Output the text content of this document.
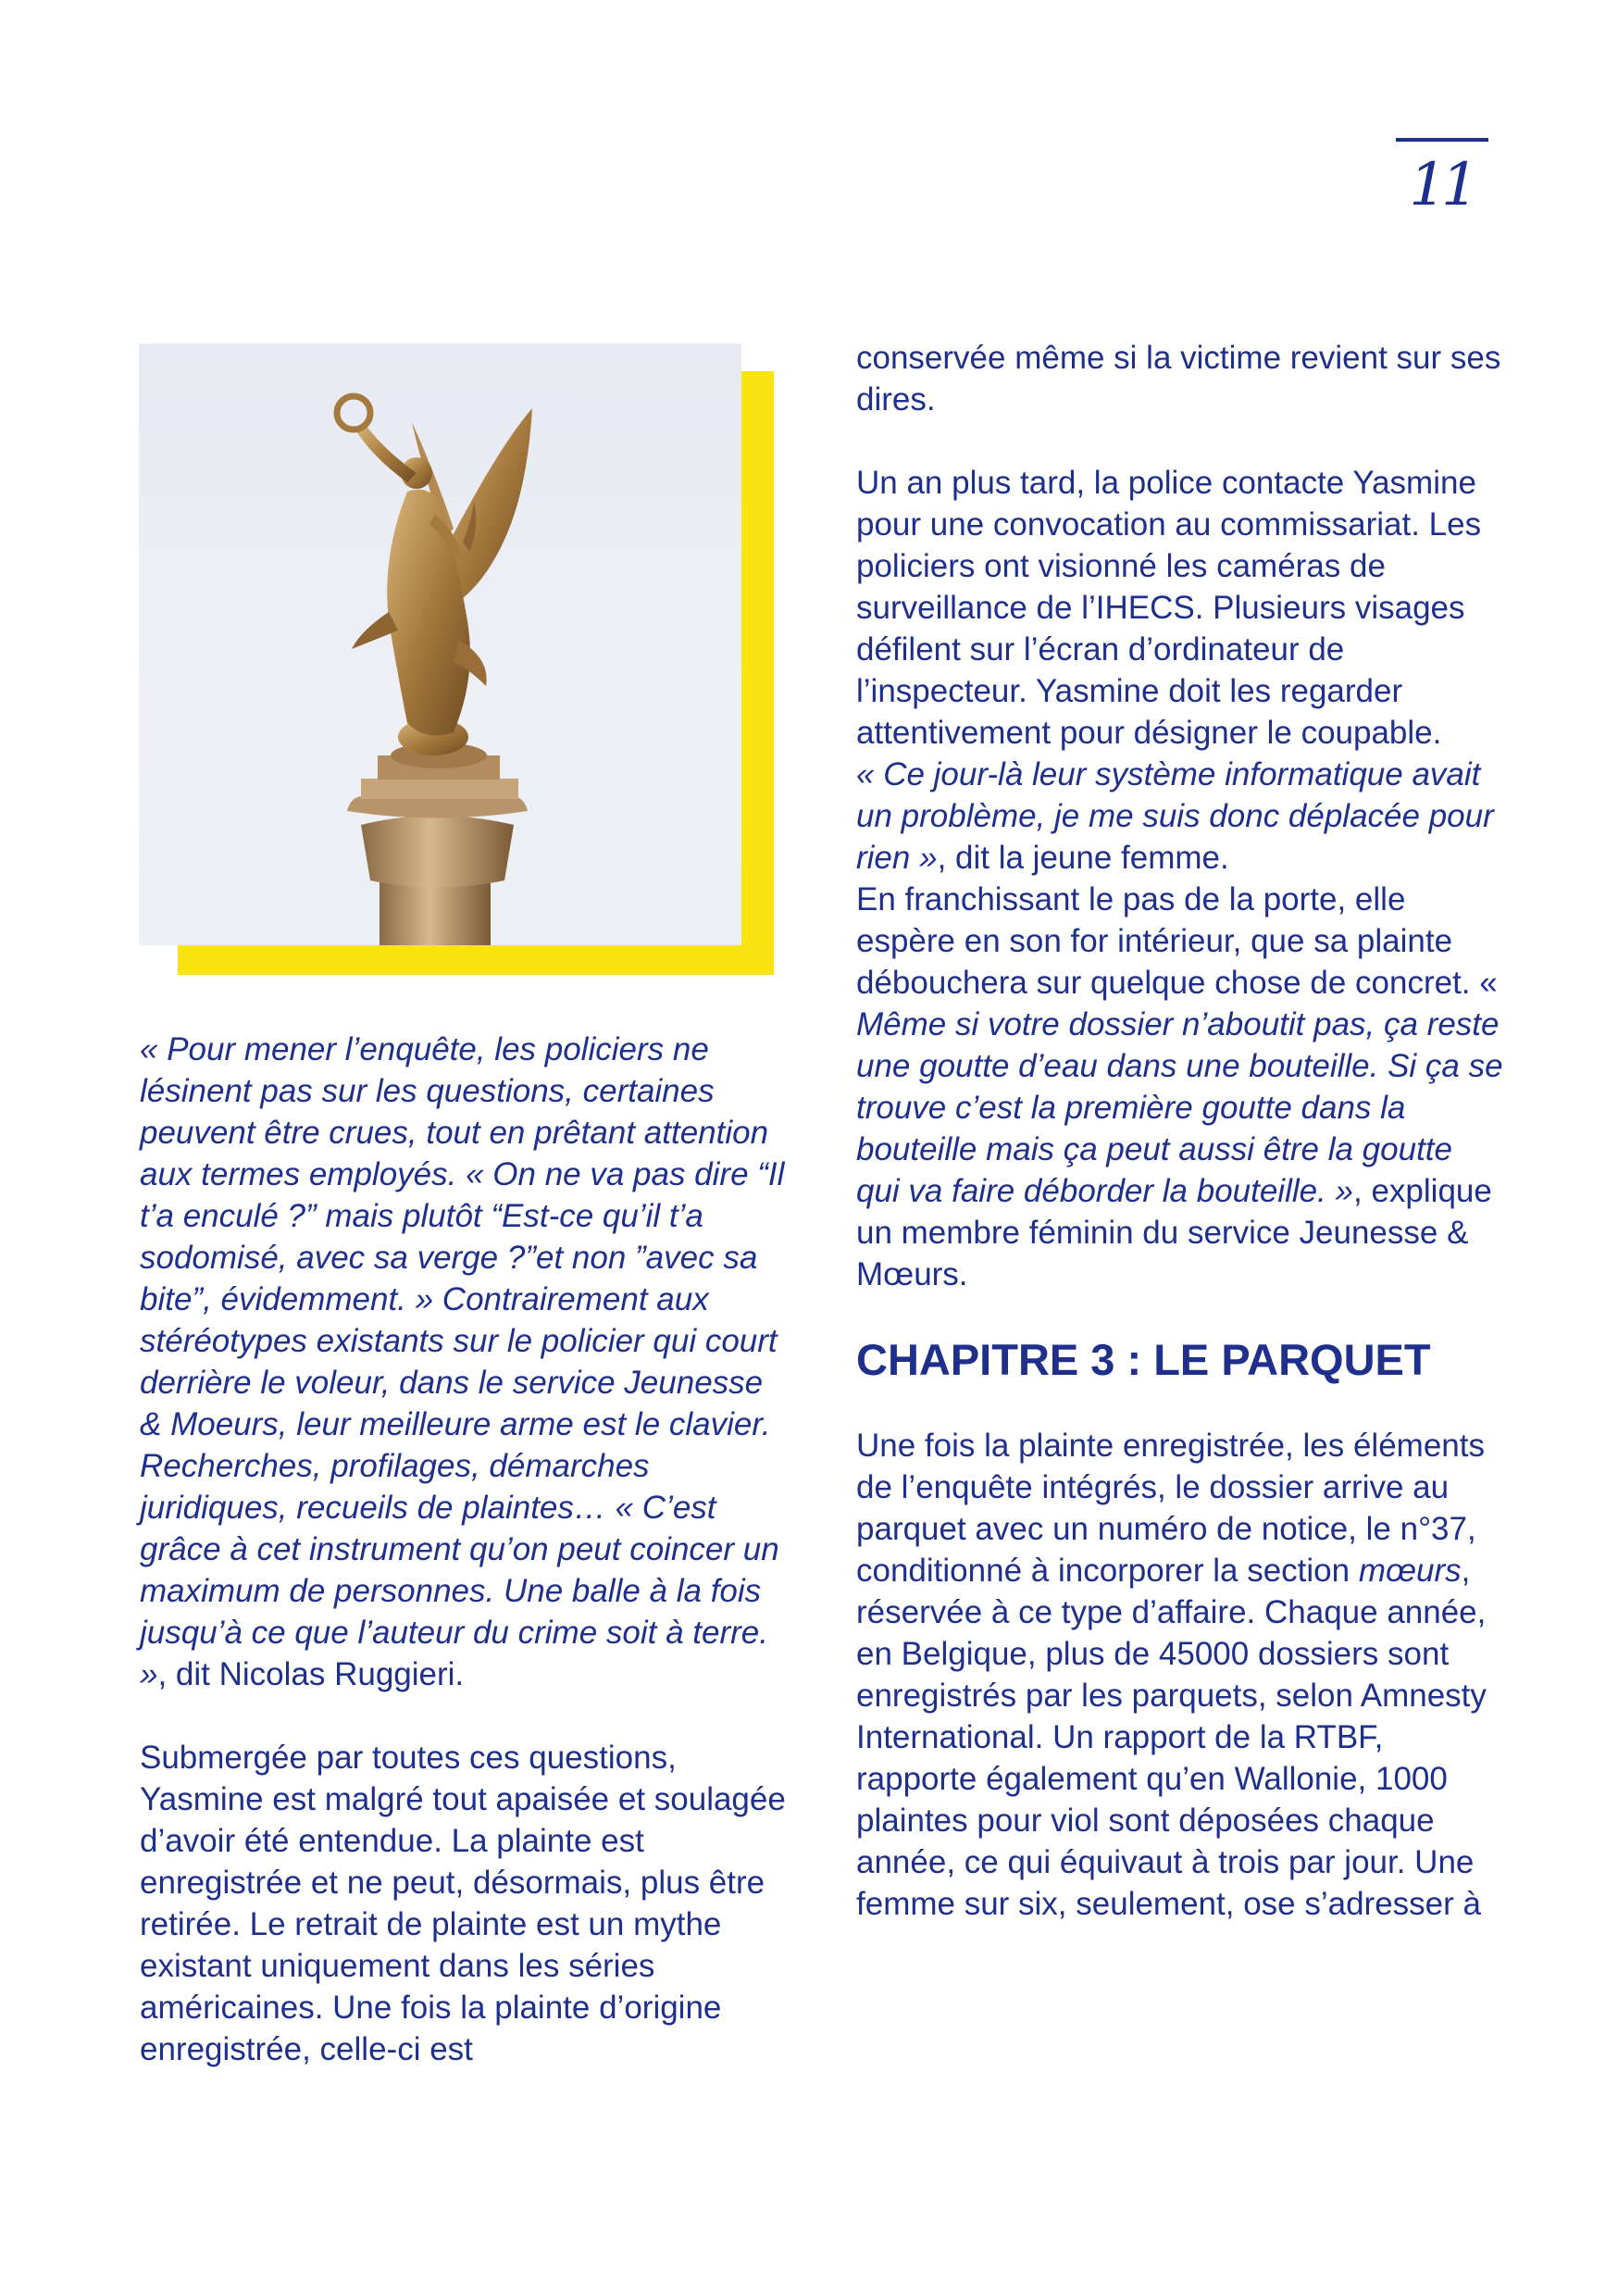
11

« Pour mener l’enquête, les policiers ne lésinent pas sur les questions, certaines peuvent être crues, tout en prêtant attention aux termes employés. « On ne va pas dire “Il t’a enculé ?” mais plutôt “Est-ce qu’il t’a sodomisé, avec sa verge ?”et non ”avec sa bite”, évidemment. » Contrairement aux stéréotypes existants sur le policier qui court derrière le voleur, dans le service Jeunesse & Moeurs, leur meilleure arme est le clavier. Recherches, profilages, démarches juridiques, recueils de plaintes… « C’est grâce à cet instrument qu’on peut coincer un maximum de personnes. Une balle à la fois jusqu’à ce que l’auteur du crime soit à terre. », dit Nicolas Ruggieri.

Submergée par toutes ces questions, Yasmine est malgré tout apaisée et soulagée d’avoir été entendue. La plainte est enregistrée et ne peut, désormais, plus être retirée. Le retrait de plainte est un mythe existant uniquement dans les séries américaines. Une fois la plainte d’origine enregistrée, celle-ci est

conservée même si la victime revient sur ses dires.

Un an plus tard, la police contacte Yasmine pour une convocation au commissariat. Les policiers ont visionné les caméras de surveillance de l’IHECS. Plusieurs visages défilent sur l’écran d’ordinateur de l’inspecteur. Yasmine doit les regarder attentivement pour désigner le coupable.

« Ce jour-là leur système informatique avait un problème, je me suis donc déplacée pour rien », dit la jeune femme.

En franchissant le pas de la porte, elle espère en son for intérieur, que sa plainte débouchera sur quelque chose de concret. « Même si votre dossier n’aboutit pas, ça reste une goutte d’eau dans une bouteille. Si ça se trouve c’est la première goutte dans la bouteille mais ça peut aussi être la goutte qui va faire déborder la bouteille. », explique un membre féminin du service Jeunesse & Mœurs.

CHAPITRE 3 : LE PARQUET

Une fois la plainte enregistrée, les éléments de l’enquête intégrés, le dossier arrive au parquet avec un numéro de notice, le n°37, conditionné à incorporer la section mœurs, réservée à ce type d’affaire. Chaque année, en Belgique, plus de 45000 dossiers sont enregistrés par les parquets, selon Amnesty International. Un rapport de la RTBF, rapporte également qu’en Wallonie, 1000 plaintes pour viol sont déposées chaque année, ce qui équivaut à trois par jour. Une femme sur six, seulement, ose s’adresser à
